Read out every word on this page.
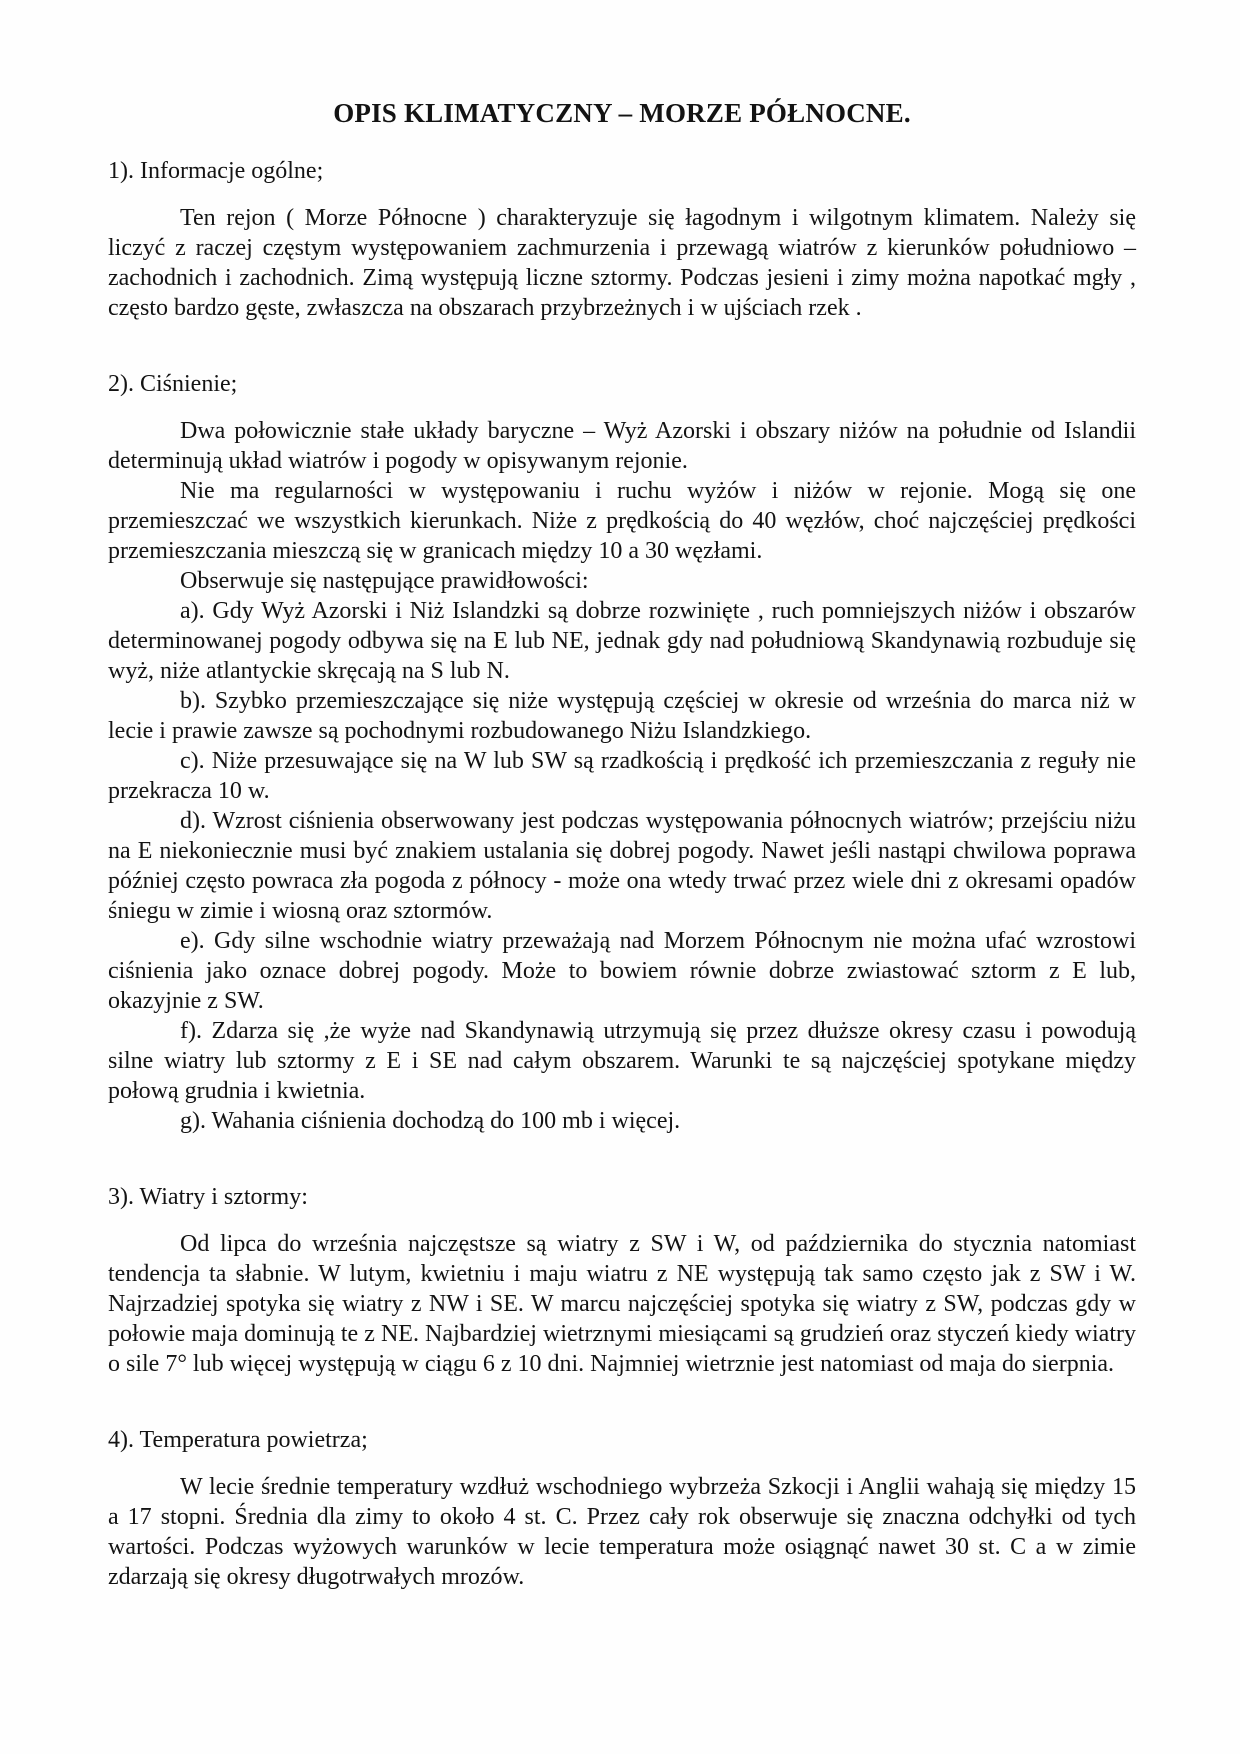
OPIS KLIMATYCZNY – MORZE PÓŁNOCNE.

1). Informacje ogólne;

Ten rejon ( Morze Północne ) charakteryzuje się łagodnym i wilgotnym klimatem. Należy się liczyć z raczej częstym występowaniem zachmurzenia i przewagą wiatrów z kierunków południowo – zachodnich i zachodnich. Zimą występują liczne sztormy. Podczas jesieni i zimy można napotkać mgły , często bardzo gęste, zwłaszcza na obszarach przybrzeżnych i w ujściach rzek .

2). Ciśnienie;

Dwa połowicznie stałe układy baryczne – Wyż Azorski i obszary niżów na południe od Islandii determinują układ wiatrów i pogody w opisywanym rejonie.

Nie ma regularności w występowaniu i ruchu wyżów i niżów w rejonie. Mogą się one przemieszczać we wszystkich kierunkach. Niże z prędkością do 40 węzłów, choć najczęściej prędkości przemieszczania mieszczą się w granicach między 10 a 30 węzłami.

Obserwuje się następujące prawidłowości:

a). Gdy Wyż Azorski i Niż Islandzki są dobrze rozwinięte , ruch pomniejszych niżów i obszarów determinowanej pogody odbywa się na E lub NE, jednak gdy nad południową Skandynawią rozbuduje się wyż, niże atlantyckie skręcają na S lub N.

b). Szybko przemieszczające się niże występują częściej w okresie od września do marca niż w lecie i prawie zawsze są pochodnymi rozbudowanego Niżu Islandzkiego.

c). Niże przesuwające się na W lub SW są rzadkością i prędkość ich przemieszczania z reguły nie przekracza 10 w.

d). Wzrost ciśnienia obserwowany jest podczas występowania północnych wiatrów; przejściu niżu na E niekoniecznie musi być znakiem ustalania się dobrej pogody. Nawet jeśli nastąpi chwilowa poprawa później często powraca zła pogoda z północy - może ona wtedy trwać przez wiele dni z okresami opadów śniegu w zimie i wiosną oraz sztormów.

e). Gdy silne wschodnie wiatry przeważają nad Morzem Północnym nie można ufać wzrostowi ciśnienia jako oznace dobrej pogody. Może to bowiem równie dobrze zwiastować sztorm z E lub, okazyjnie z SW.

f). Zdarza się ,że wyże nad Skandynawią utrzymują się przez dłuższe okresy czasu i powodują silne wiatry lub sztormy z E i SE nad całym obszarem. Warunki te są najczęściej spotykane między połową grudnia i kwietnia.

g). Wahania ciśnienia dochodzą do 100 mb i więcej.

3). Wiatry i sztormy:

Od lipca do września najczęstsze są wiatry z SW i W, od października do stycznia natomiast tendencja ta słabnie. W lutym, kwietniu i maju wiatru z NE występują tak samo często jak z SW i W. Najrzadziej spotyka się wiatry z NW i SE. W marcu najczęściej spotyka się wiatry z SW, podczas gdy w połowie maja dominują te z NE. Najbardziej wietrznymi miesiącami są grudzień oraz styczeń kiedy wiatry o sile 7° lub więcej występują w ciągu 6 z 10 dni. Najmniej wietrznie jest natomiast od maja do sierpnia.

4). Temperatura powietrza;

W lecie średnie temperatury wzdłuż wschodniego wybrzeża Szkocji i Anglii wahają się między 15 a 17 stopni. Średnia dla zimy to około 4 st. C. Przez cały rok obserwuje się znaczna odchyłki od tych wartości. Podczas wyżowych warunków w lecie temperatura może osiągnąć nawet 30 st. C a w zimie zdarzają się okresy długotrwałych mrozów.
